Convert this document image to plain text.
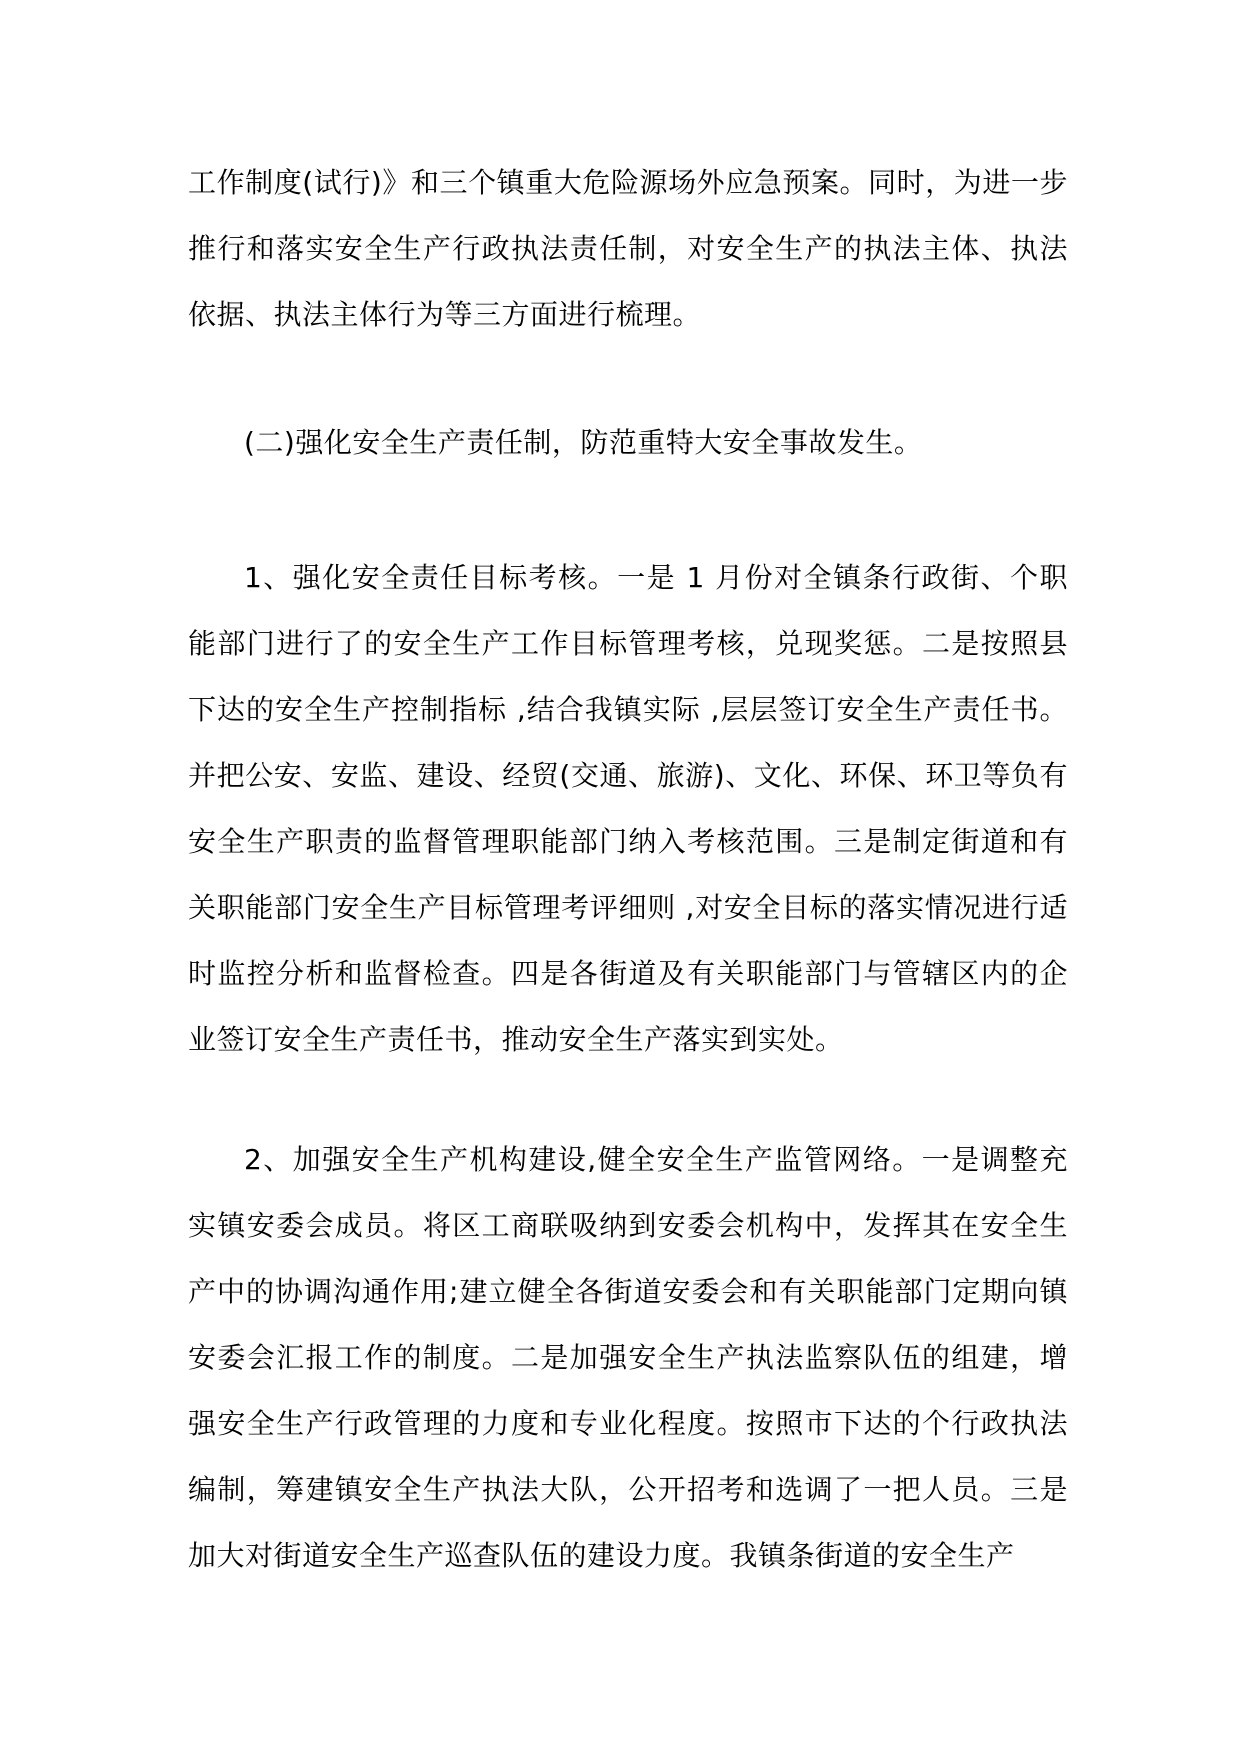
工作制度(试行)》和三个镇重大危险源场外应急预案。同时，为进一步推行和落实安全生产行政执法责任制，对安全生产的执法主体、执法依据、执法主体行为等三方面进行梳理。

(二)强化安全生产责任制，防范重特大安全事故发生。

1、强化安全责任目标考核。一是 1 月份对全镇条行政街、个职能部门进行了的安全生产工作目标管理考核，兑现奖惩。二是按照县下达的安全生产控制指标 ,结合我镇实际 ,层层签订安全生产责任书。并把公安、安监、建设、经贸(交通、旅游)、文化、环保、环卫等负有安全生产职责的监督管理职能部门纳入考核范围。三是制定街道和有关职能部门安全生产目标管理考评细则 ,对安全目标的落实情况进行适时监控分析和监督检查。四是各街道及有关职能部门与管辖区内的企业签订安全生产责任书，推动安全生产落实到实处。

2、加强安全生产机构建设,健全安全生产监管网络。一是调整充实镇安委会成员。将区工商联吸纳到安委会机构中，发挥其在安全生产中的协调沟通作用;建立健全各街道安委会和有关职能部门定期向镇安委会汇报工作的制度。二是加强安全生产执法监察队伍的组建，增强安全生产行政管理的力度和专业化程度。按照市下达的个行政执法编制，筹建镇安全生产执法大队，公开招考和选调了一把人员。三是加大对街道安全生产巡查队伍的建设力度。我镇条街道的安全生产
